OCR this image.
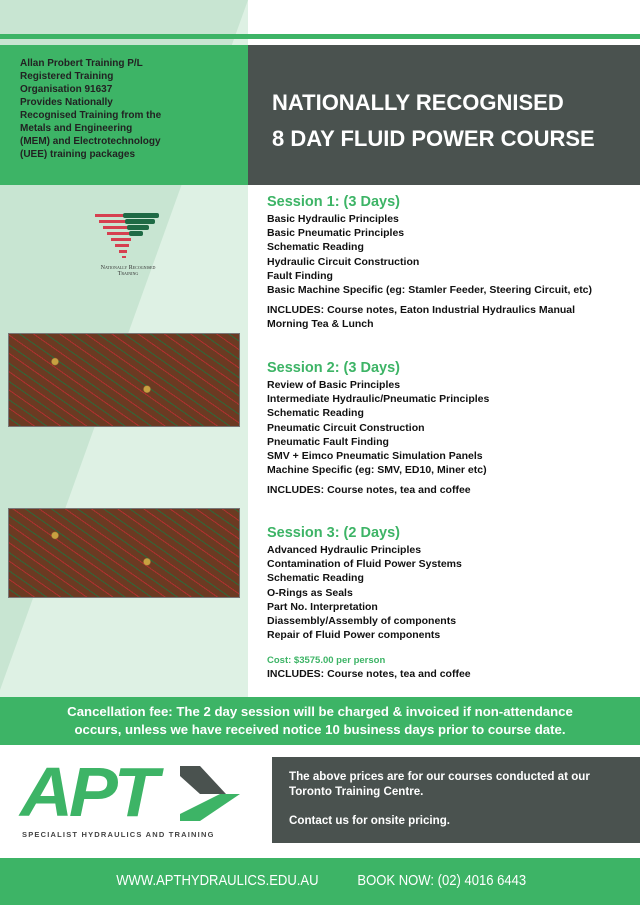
Allan Probert Training P/L
Registered Training
Organisation 91637
Provides Nationally
Recognised Training from the
Metals and Engineering
(MEM) and Electrotechnology
(UEE) training packages
NATIONALLY RECOGNISED
8 DAY FLUID POWER COURSE
Nationally Recognised
Training
Session 1: (3 Days)
Basic Hydraulic Principles
Basic Pneumatic Principles
Schematic Reading
Hydraulic Circuit Construction
Fault Finding
Basic Machine Specific (eg: Stamler Feeder, Steering Circuit, etc)
INCLUDES: Course notes, Eaton Industrial Hydraulics Manual
Morning Tea & Lunch
Session 2: (3 Days)
Review of Basic Principles
Intermediate Hydraulic/Pneumatic Principles
Schematic Reading
Pneumatic Circuit Construction
Pneumatic Fault Finding
SMV + Eimco Pneumatic Simulation Panels
Machine Specific (eg: SMV, ED10, Miner etc)
INCLUDES: Course notes, tea and coffee
Session 3: (2 Days)
Advanced Hydraulic Principles
Contamination of Fluid Power Systems
Schematic Reading
O-Rings as Seals
Part No. Interpretation
Diassembly/Assembly of components
Repair of Fluid Power components
Cost: $3575.00 per person
INCLUDES: Course notes, tea and coffee
Cancellation fee: The 2 day session will be charged & invoiced if non-attendance
occurs, unless we have received notice 10 business days prior to course date.
APT
SPECIALIST HYDRAULICS AND TRAINING
The above prices are for our courses conducted at our Toronto Training Centre.
Contact us for onsite pricing.
WWW.APTHYDRAULICS.EDU.AU	BOOK NOW: (02) 4016 6443
